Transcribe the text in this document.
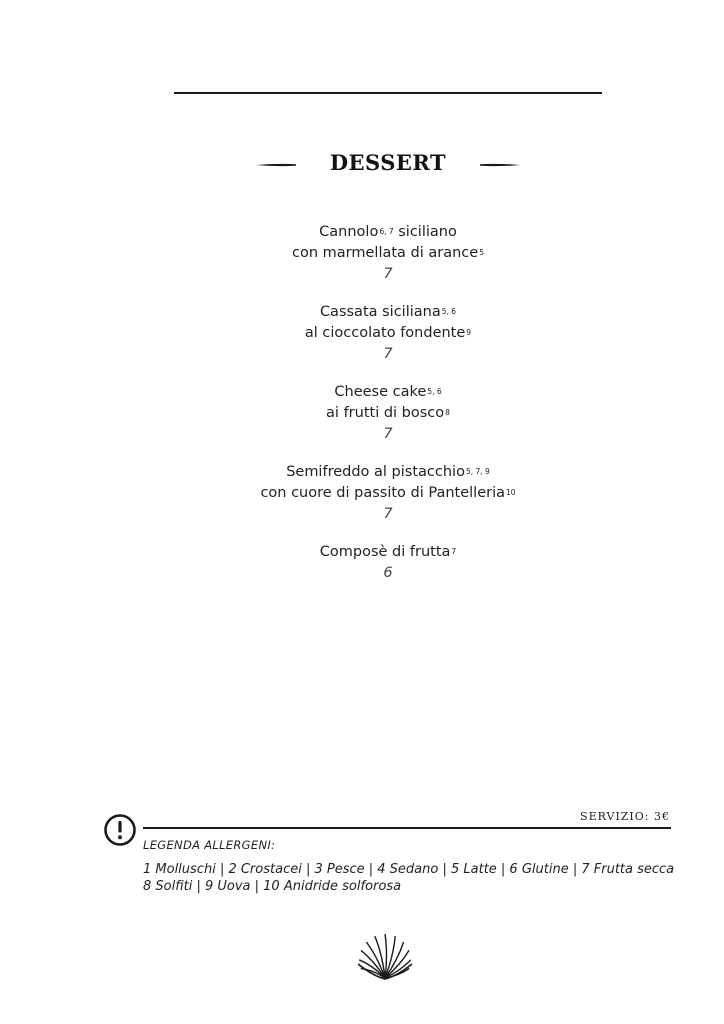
DESSERT
Cannolo$^{6, 7}$ siciliano
con marmellata di arance$^5$
7
Cassata siciliana$^{5, 6}$
al cioccolato fondente$^9$
7
Cheese cake$^{5, 6}$
ai frutti di bosco$^8$
7
Semifreddo al pistacchio$^{5, 7, 9}$
con cuore di passito di Pantelleria$^{10}$
7
Composè di frutta$^7$
6
SERVIZIO: 3€
LEGENDA ALLERGENI:
1 Molluschi | 2 Crostacei | 3 Pesce | 4 Sedano | 5 Latte | 6 Glutine | 7 Frutta secca
8 Solfiti | 9 Uova | 10 Anidride solforosa
